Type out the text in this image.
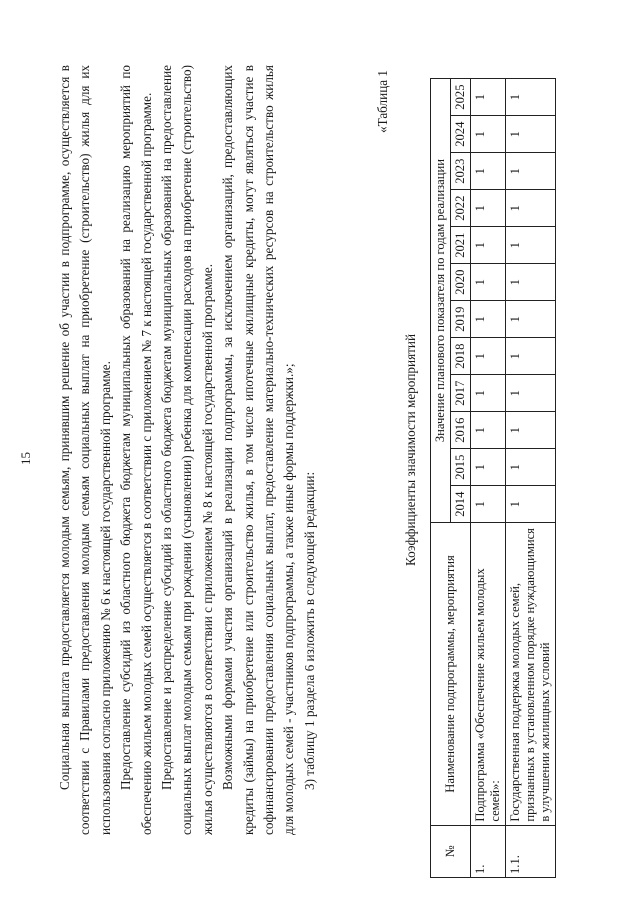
15 Социальная выплата предоставляется молодым семьям, принявшим решение об участии в подпрограмме, осуществляется в соответствии с Правилами предоставления молодым семьям социальных выплат на приобретение (строительство) жилья для их использования согласно приложению № 6 к настоящей государственной программе. Предоставление субсидий из областного бюджета бюджетам муниципальных образований на реализацию мероприятий по обеспечению жильем молодых семей осуществляется в соответствии с приложением № 7 к настоящей государственной программе. Предоставление и распределение субсидий из областного бюджета бюджетам муниципальных образований на предоставление социальных выплат молодым семьям при рождении (усыновлении) ребенка для компенсации расходов на приобретение (строительство) жилья осуществляются в соответствии с приложением № 8 к настоящей государственной программе. Возможными формами участия организаций в реализации подпрограммы, за исключением организаций, предоставляющих кредиты (займы) на приобретение или строительство жилья, в том числе ипотечные жилищные кредиты, могут являться участие в софинансировании предоставления социальных выплат, предоставление материально-технических ресурсов на строительство жилья для молодых семей - участников подпрограммы, а также иные формы поддержки.»; 3) таблицу 1 раздела 6 изложить в следующей редакции:

«Таблица 1
Коэффициенты значимости мероприятий
№	Наименование подпрограммы, мероприятия	Значение планового показателя по годам реализации											
		2014	2015	2016	2017	2018	2019	2020	2021	2022	2023	2024	2025
1.	Подпрограмма «Обеспечение жильем молодых семей»:	1	1	1	1	1	1	1	1	1	1	1	1
1.1.	Государственная поддержка молодых семей, признанных в установленном порядке нуждающимися в улучшении жилищных условий	1	1	1	1	1	1	1	1	1	1	1	1
